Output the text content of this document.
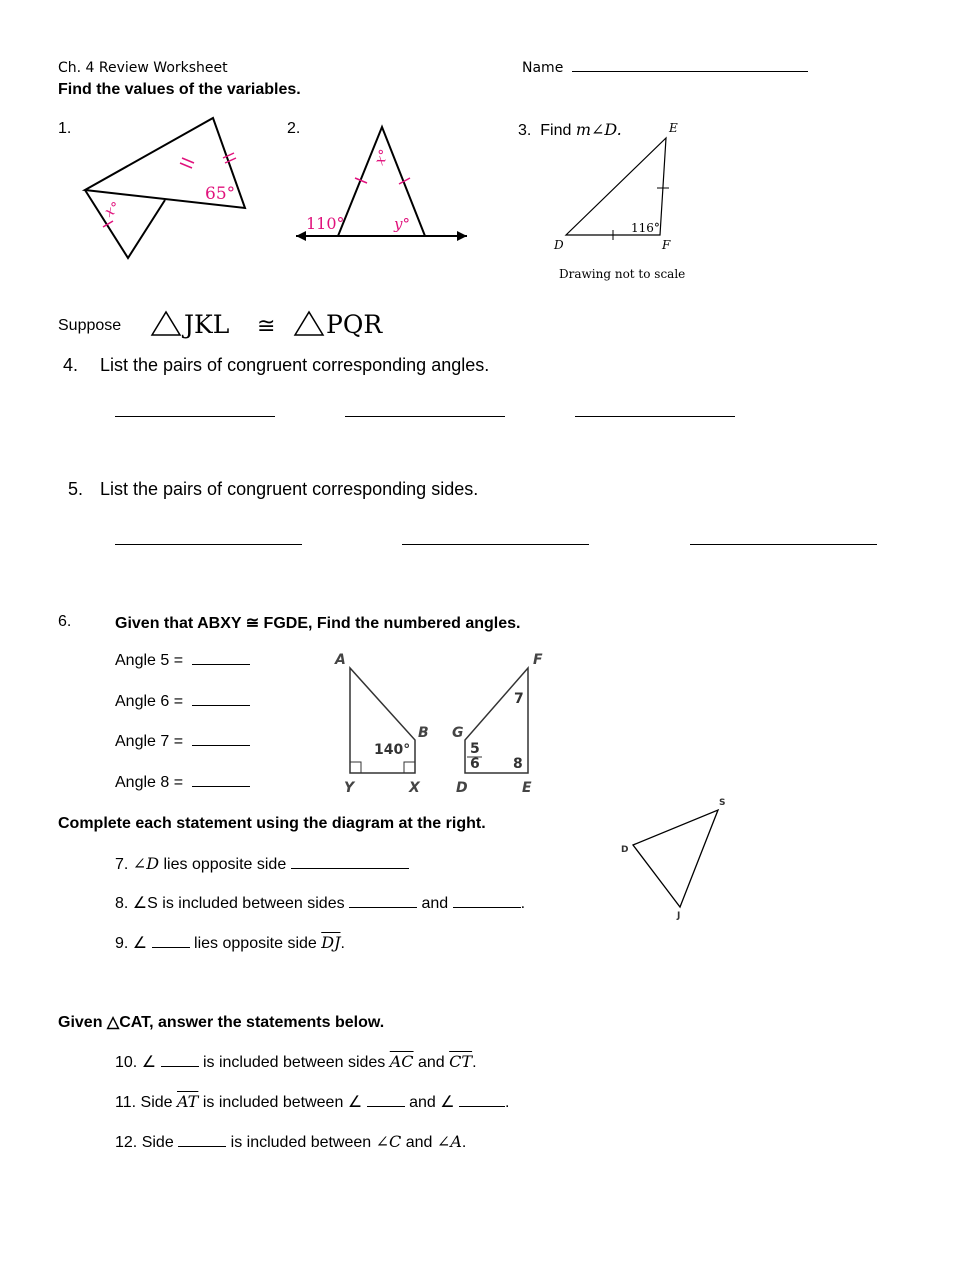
Ch. 4 Review Worksheet	Name
Find the values of the variables.
1.
65°
x°
2.
110°	y°
x°
3. Find m∠D.	E
D	F
116°
Drawing not to scale
Suppose	JKL ≅ PQR
4. List the pairs of congruent corresponding angles.
5. List the pairs of congruent corresponding sides.
6.	Given that ABXY ≅ FGDE, Find the numbered angles.
Angle 5 =
Angle 6 =
Angle 7 =
Angle 8 =
A
B
Y	X
F
G
D	E
140°	5
6
7
8
Complete each statement using the diagram at the right.
7. ∠D lies opposite side
8. ∠S is included between sides	and	.
9. ∠	lies opposite side $\overline{DJ}$.
S
D
J
Given △CAT, answer the statements below.
10. ∠	is included between sides $\overline{AC}$ and $\overline{CT}$.
11. Side $\overline{AT}$ is included between ∠	and ∠	.
12. Side	is included between ∠C and ∠A.
